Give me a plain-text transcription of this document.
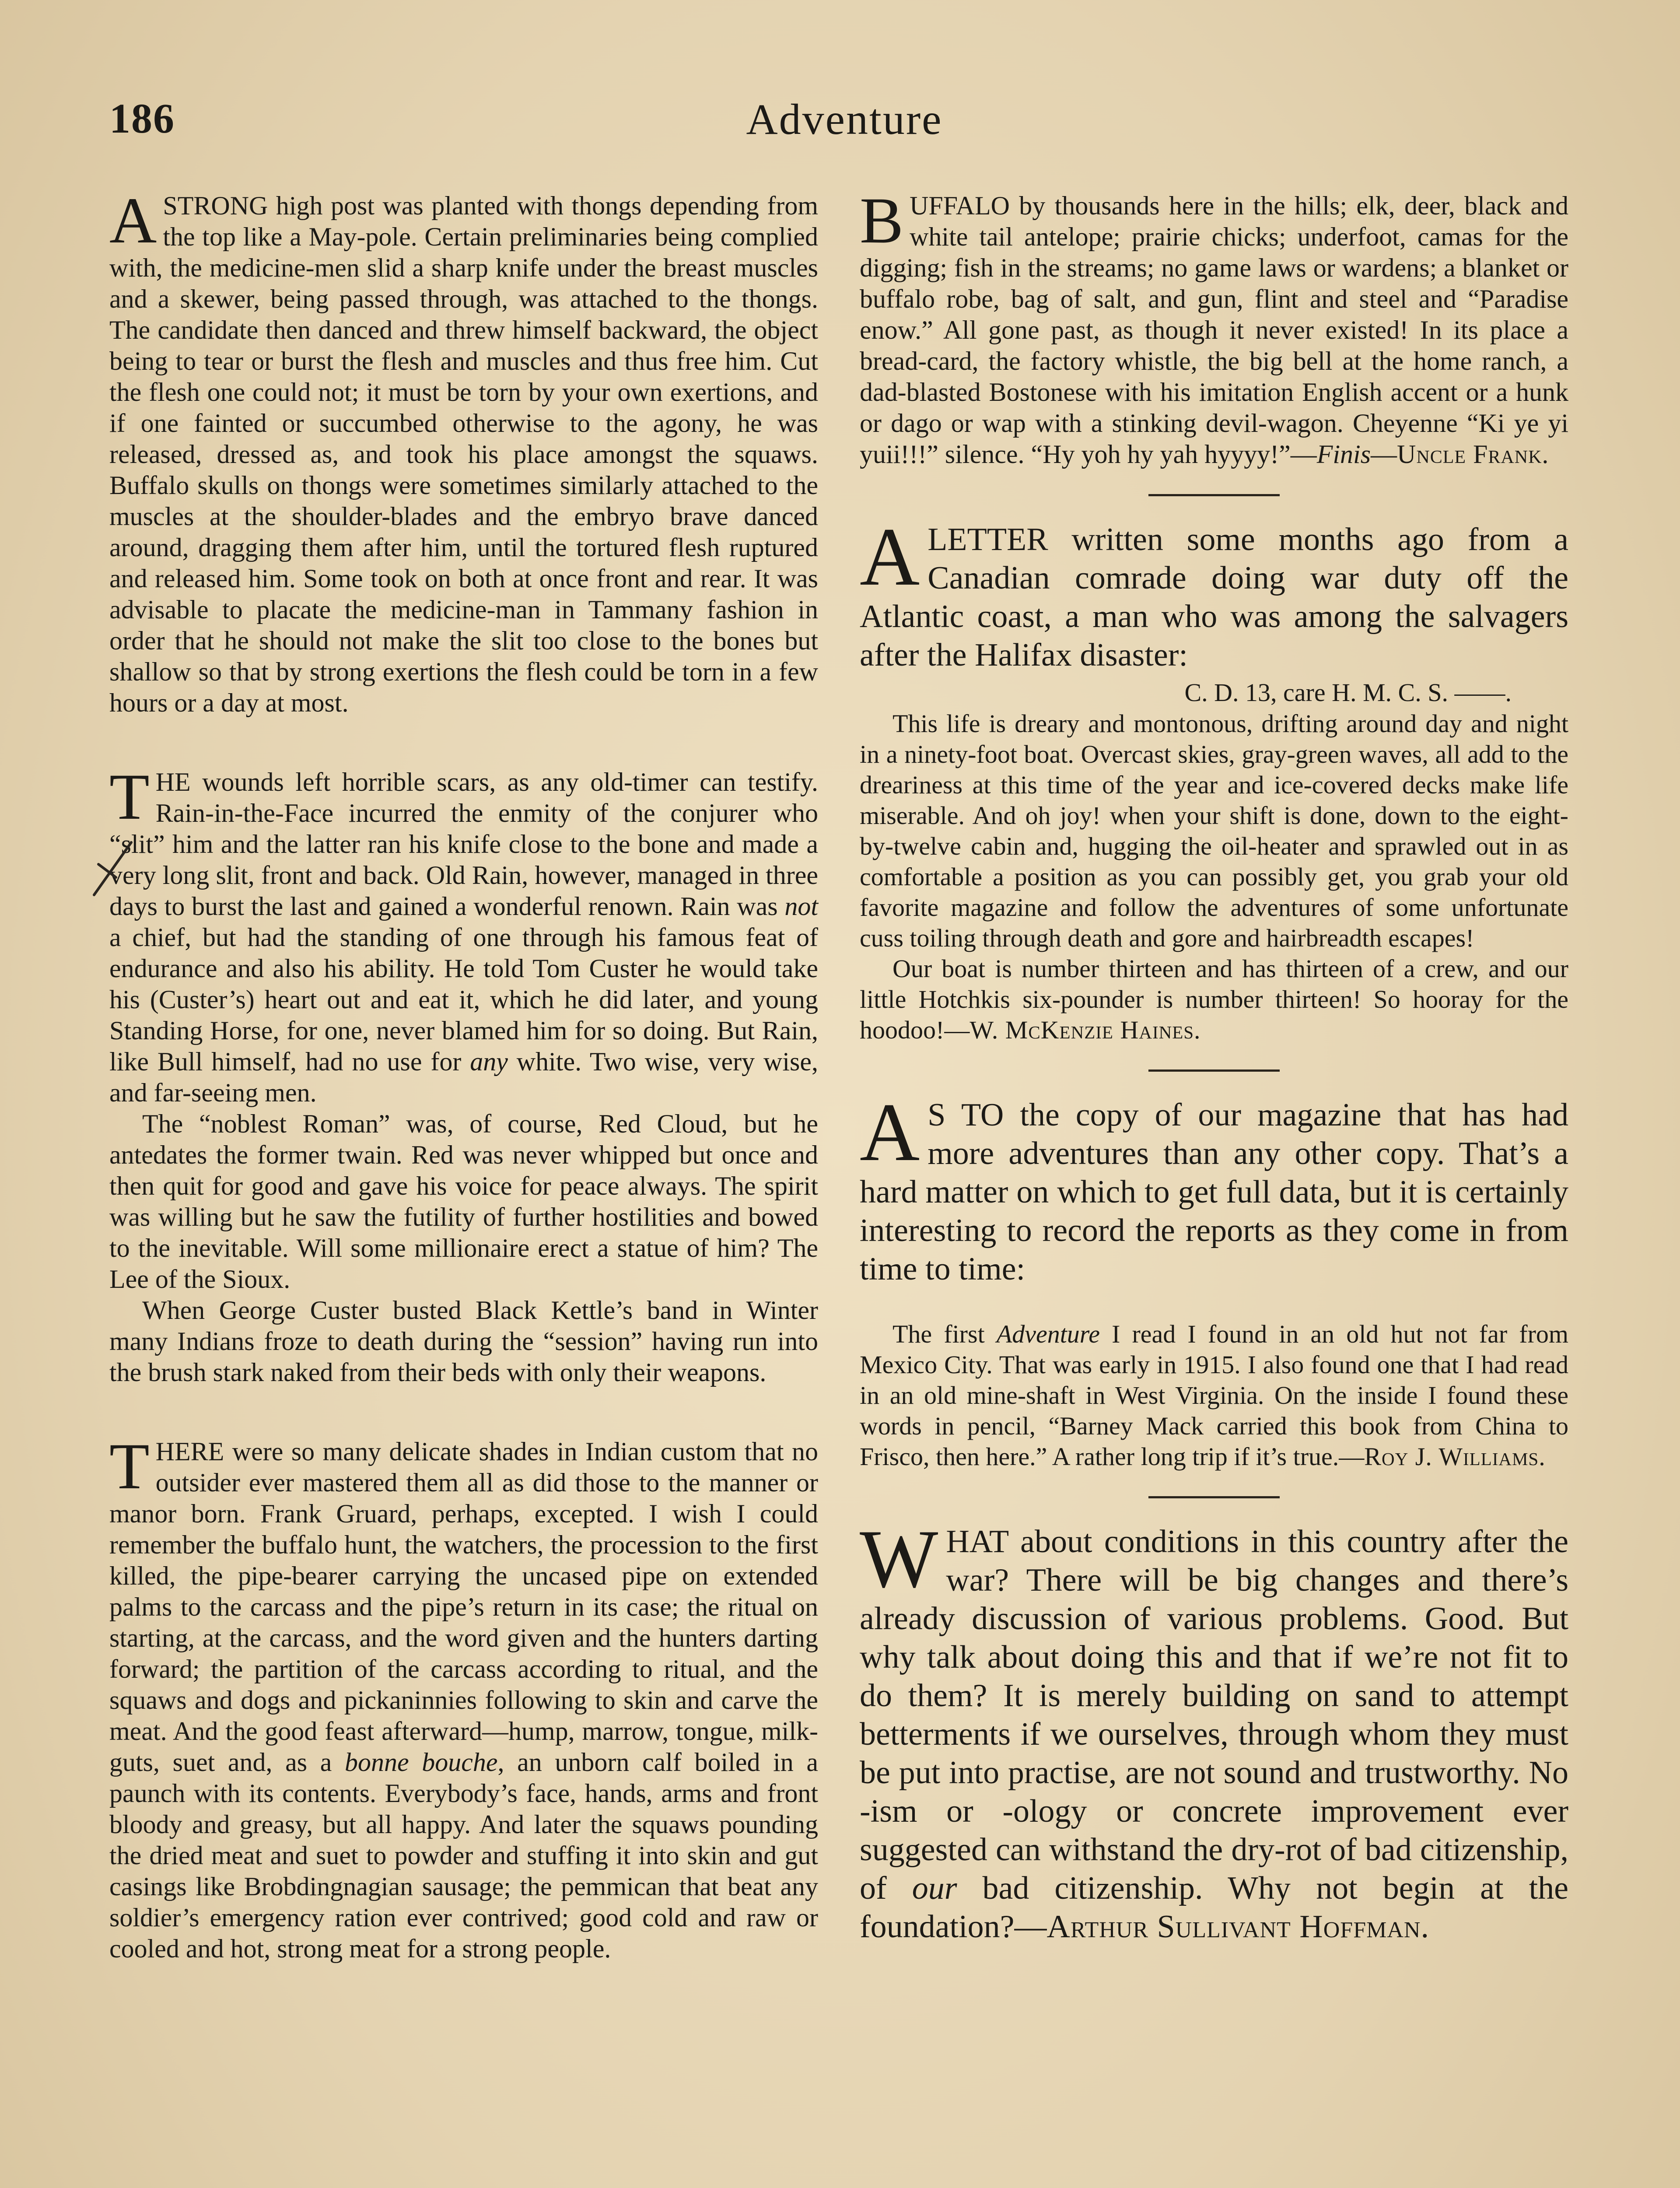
186	Adventure

ASTRONG high post was planted with thongs depending from the top like a May-pole. Certain preliminaries being complied with, the medicine-men slid a sharp knife under the breast muscles and a skewer, being passed through, was attached to the thongs. The candidate then danced and threw himself backward, the object being to tear or burst the flesh and muscles and thus free him. Cut the flesh one could not; it must be torn by your own exertions, and if one fainted or succumbed otherwise to the agony, he was released, dressed as, and took his place amongst the squaws. Buffalo skulls on thongs were sometimes similarly attached to the muscles at the shoulder-blades and the embryo brave danced around, dragging them after him, until the tortured flesh ruptured and released him. Some took on both at once front and rear. It was advisable to placate the medicine-man in Tammany fashion in order that he should not make the slit too close to the bones but shallow so that by strong exertions the flesh could be torn in a few hours or a day at most.

THE wounds left horrible scars, as any old-timer can testify. Rain-in-the-Face incurred the enmity of the conjurer who “slit” him and the latter ran his knife close to the bone and made a very long slit, front and back. Old Rain, however, managed in three days to burst the last and gained a wonderful renown. Rain was not a chief, but had the standing of one through his famous feat of endurance and also his ability. He told Tom Custer he would take his (Custer’s) heart out and eat it, which he did later, and young Standing Horse, for one, never blamed him for so doing. But Rain, like Bull himself, had no use for any white. Two wise, very wise, and far-seeing men.

The “noblest Roman” was, of course, Red Cloud, but he antedates the former twain. Red was never whipped but once and then quit for good and gave his voice for peace always. The spirit was willing but he saw the futility of further hostilities and bowed to the inevitable. Will some millionaire erect a statue of him? The Lee of the Sioux.

When George Custer busted Black Kettle’s band in Winter many Indians froze to death during the “session” having run into the brush stark naked from their beds with only their weapons.

THERE were so many delicate shades in Indian custom that no outsider ever mastered them all as did those to the manner or manor born. Frank Gruard, perhaps, excepted. I wish I could remember the buffalo hunt, the watchers, the procession to the first killed, the pipe-bearer carrying the uncased pipe on extended palms to the carcass and the pipe’s return in its case; the ritual on starting, at the carcass, and the word given and the hunters darting forward; the partition of the carcass according to ritual, and the squaws and dogs and pickaninnies following to skin and carve the meat. And the good feast afterward—hump, marrow, tongue, milk-guts, suet and, as a bonne bouche, an unborn calf boiled in a paunch with its contents. Everybody’s face, hands, arms and front bloody and greasy, but all happy. And later the squaws pounding the dried meat and suet to powder and stuffing it into skin and gut casings like Brobdingnagian sausage; the pemmican that beat any soldier’s emergency ration ever contrived; good cold and raw or cooled and hot, strong meat for a strong people.

BUFFALO by thousands here in the hills; elk, deer, black and white tail antelope; prairie chicks; underfoot, camas for the digging; fish in the streams; no game laws or wardens; a blanket or buffalo robe, bag of salt, and gun, flint and steel and “Paradise enow.” All gone past, as though it never existed! In its place a bread-card, the factory whistle, the big bell at the home ranch, a dad-blasted Bostonese with his imitation English accent or a hunk or dago or wap with a stinking devil-wagon. Cheyenne “Ki ye yi yuii!!!” silence. “Hy yoh hy yah hyyyy!”—Finis—Uncle Frank.

ALETTER written some months ago from a Canadian comrade doing war duty off the Atlantic coast, a man who was among the salvagers after the Halifax disaster:

C. D. 13, care H. M. C. S. ——.

This life is dreary and montonous, drifting around day and night in a ninety-foot boat. Overcast skies, gray-green waves, all add to the dreariness at this time of the year and ice-covered decks make life miserable. And oh joy! when your shift is done, down to the eight-by-twelve cabin and, hugging the oil-heater and sprawled out in as comfortable a position as you can possibly get, you grab your old favorite magazine and follow the adventures of some unfortunate cuss toiling through death and gore and hairbreadth escapes!

Our boat is number thirteen and has thirteen of a crew, and our little Hotchkis six-pounder is number thirteen! So hooray for the hoodoo!—W. McKenzie Haines.

A S TO the copy of our magazine that has had more adventures than any other copy. That’s a hard matter on which to get full data, but it is certainly interesting to record the reports as they come in from time to time:

The first Adventure I read I found in an old hut not far from Mexico City. That was early in 1915. I also found one that I had read in an old mine-shaft in West Virginia. On the inside I found these words in pencil, “Barney Mack carried this book from China to Frisco, then here.” A rather long trip if it’s true.—Roy J. Williams.

WHAT about conditions in this country after the war? There will be big changes and there’s already discussion of various problems. Good. But why talk about doing this and that if we’re not fit to do them? It is merely building on sand to attempt betterments if we ourselves, through whom they must be put into practise, are not sound and trustworthy. No -ism or -ology or concrete improvement ever suggested can withstand the dry-rot of bad citizenship, of our bad citizenship. Why not begin at the foundation?—Arthur Sullivant Hoffman.
